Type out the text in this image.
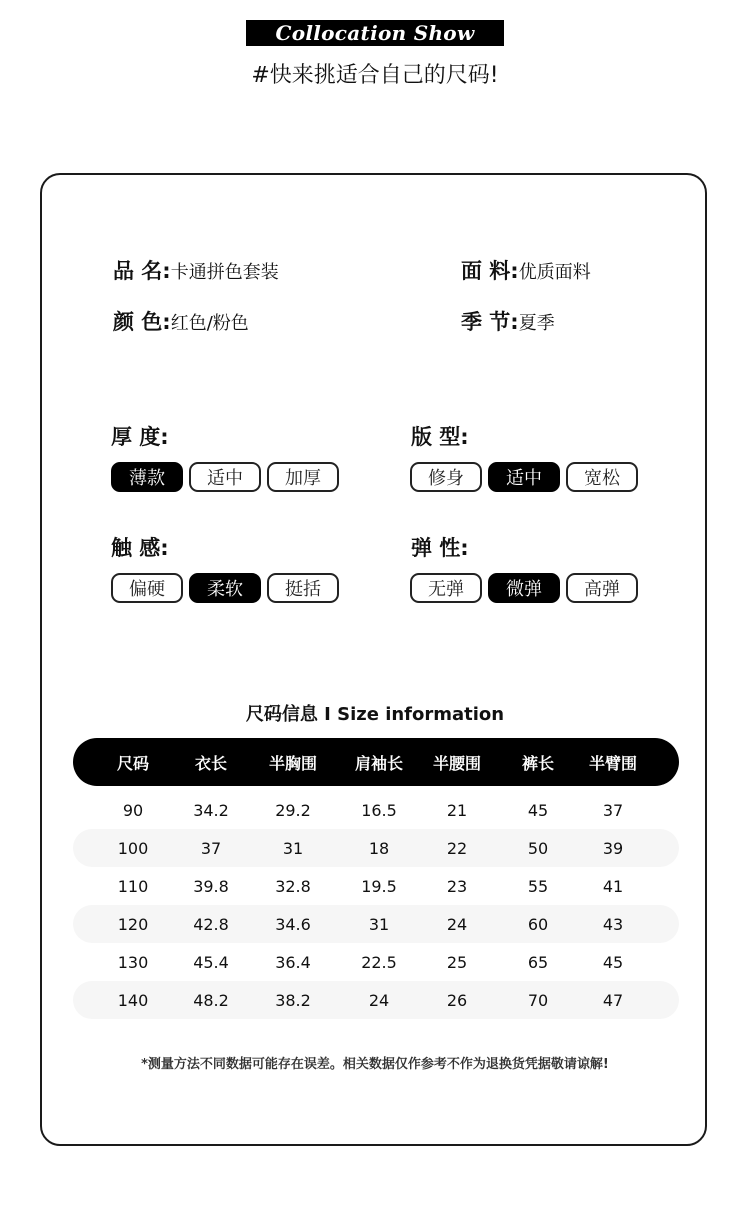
Collocation Show
#快来挑适合自己的尺码!
品 名: 卡通拼色套装	面 料: 优质面料
颜 色: 红色/粉色	季 节: 夏季
厚 度:
薄款	适中	加厚
版 型:
修身	适中	宽松
触 感:
偏硬	柔软	挺括
弹 性:
无弹	微弹	高弹
尺码信息 I Size information
尺码	衣长	半胸围	肩袖长	半腰围	裤长	半臂围
90	34.2	29.2	16.5	21	45	37
100	37	31	18	22	50	39
110	39.8	32.8	19.5	23	55	41
120	42.8	34.6	31	24	60	43
130	45.4	36.4	22.5	25	65	45
140	48.2	38.2	24	26	70	47
*测量方法不同数据可能存在误差。相关数据仅作参考不作为退换货凭据敬请谅解!
